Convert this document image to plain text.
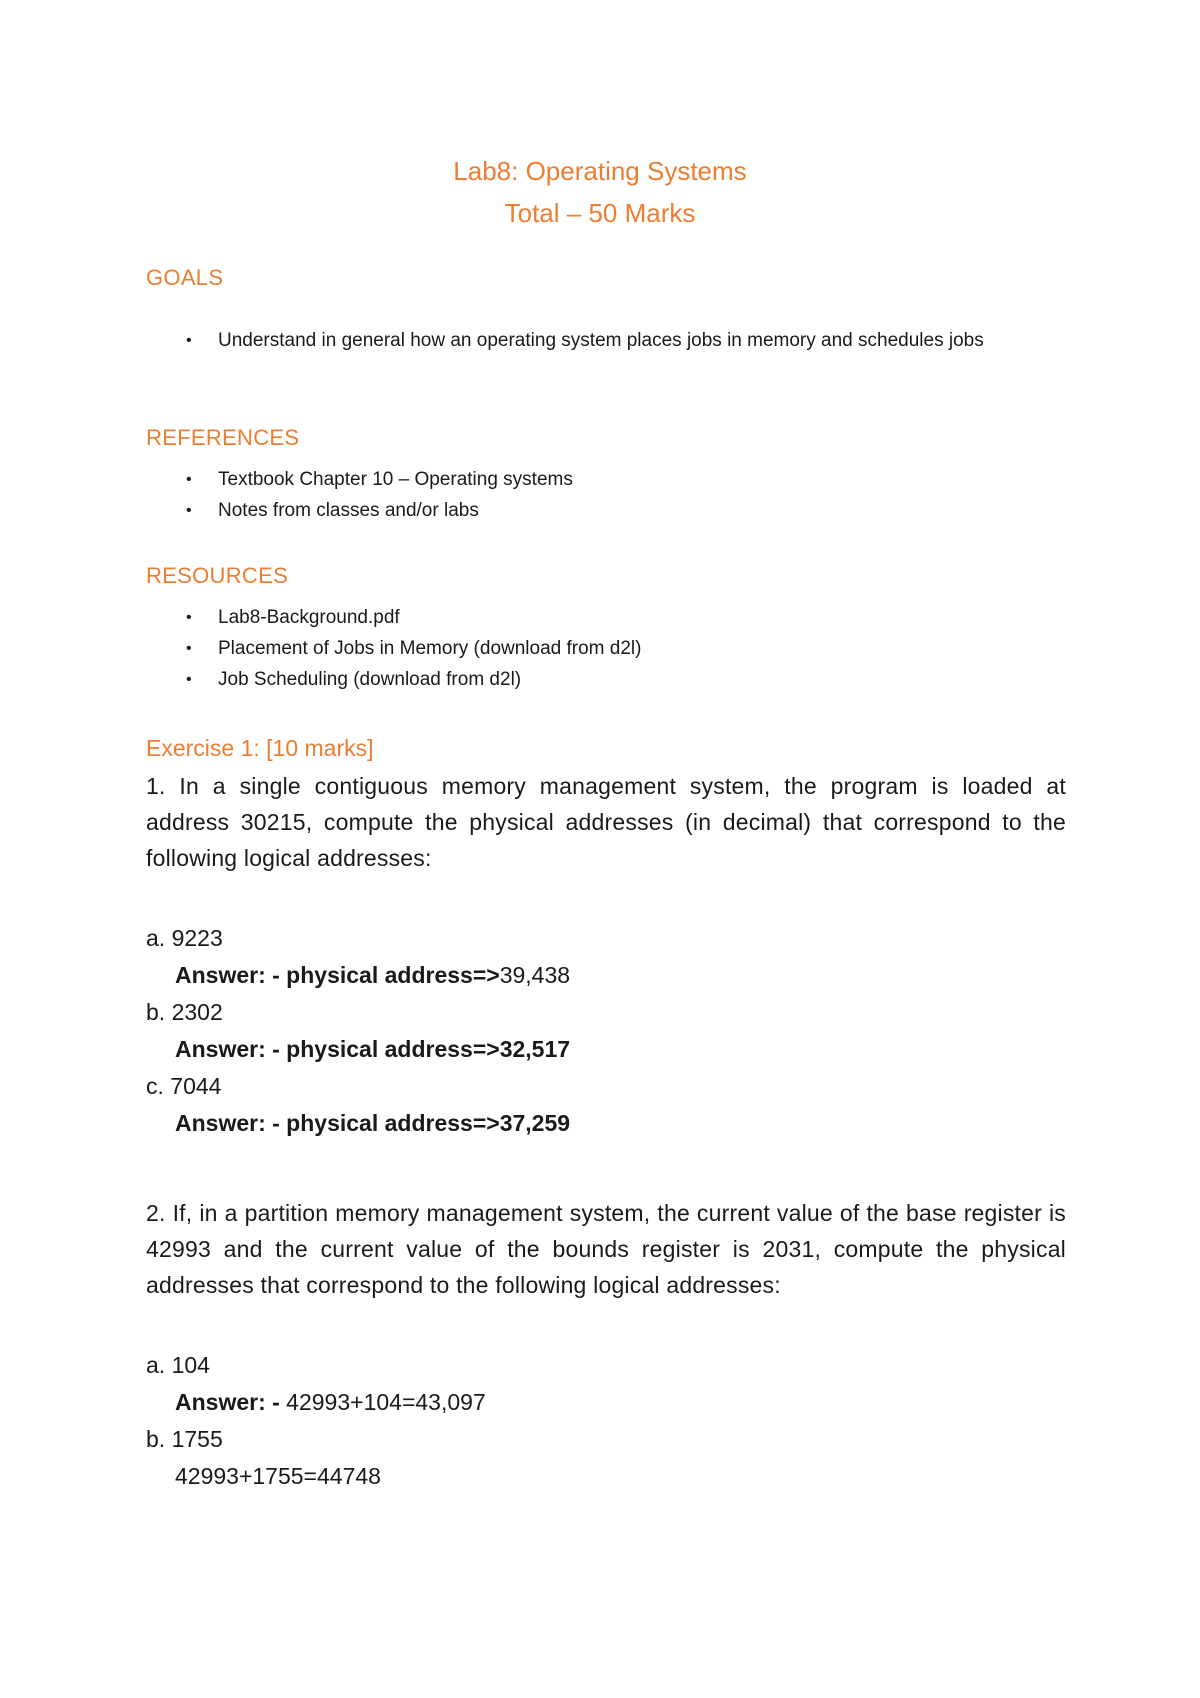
Lab8: Operating Systems
Total – 50 Marks
GOALS
• Understand in general how an operating system places jobs in memory and schedules jobs
REFERENCES
• Textbook Chapter 10 – Operating systems
• Notes from classes and/or labs
RESOURCES
• Lab8-Background.pdf
• Placement of Jobs in Memory (download from d2l)
• Job Scheduling (download from d2l)
Exercise 1: [10 marks]
1. In a single contiguous memory management system, the program is loaded at address 30215, compute the physical addresses (in decimal) that correspond to the following logical addresses:
a. 9223
Answer: - physical address=>39,438
b. 2302
Answer: - physical address=>32,517
c. 7044
Answer: - physical address=>37,259
2. If, in a partition memory management system, the current value of the base register is 42993 and the current value of the bounds register is 2031, compute the physical addresses that correspond to the following logical addresses:
a. 104
Answer: - 42993+104=43,097
b. 1755
42993+1755=44748
